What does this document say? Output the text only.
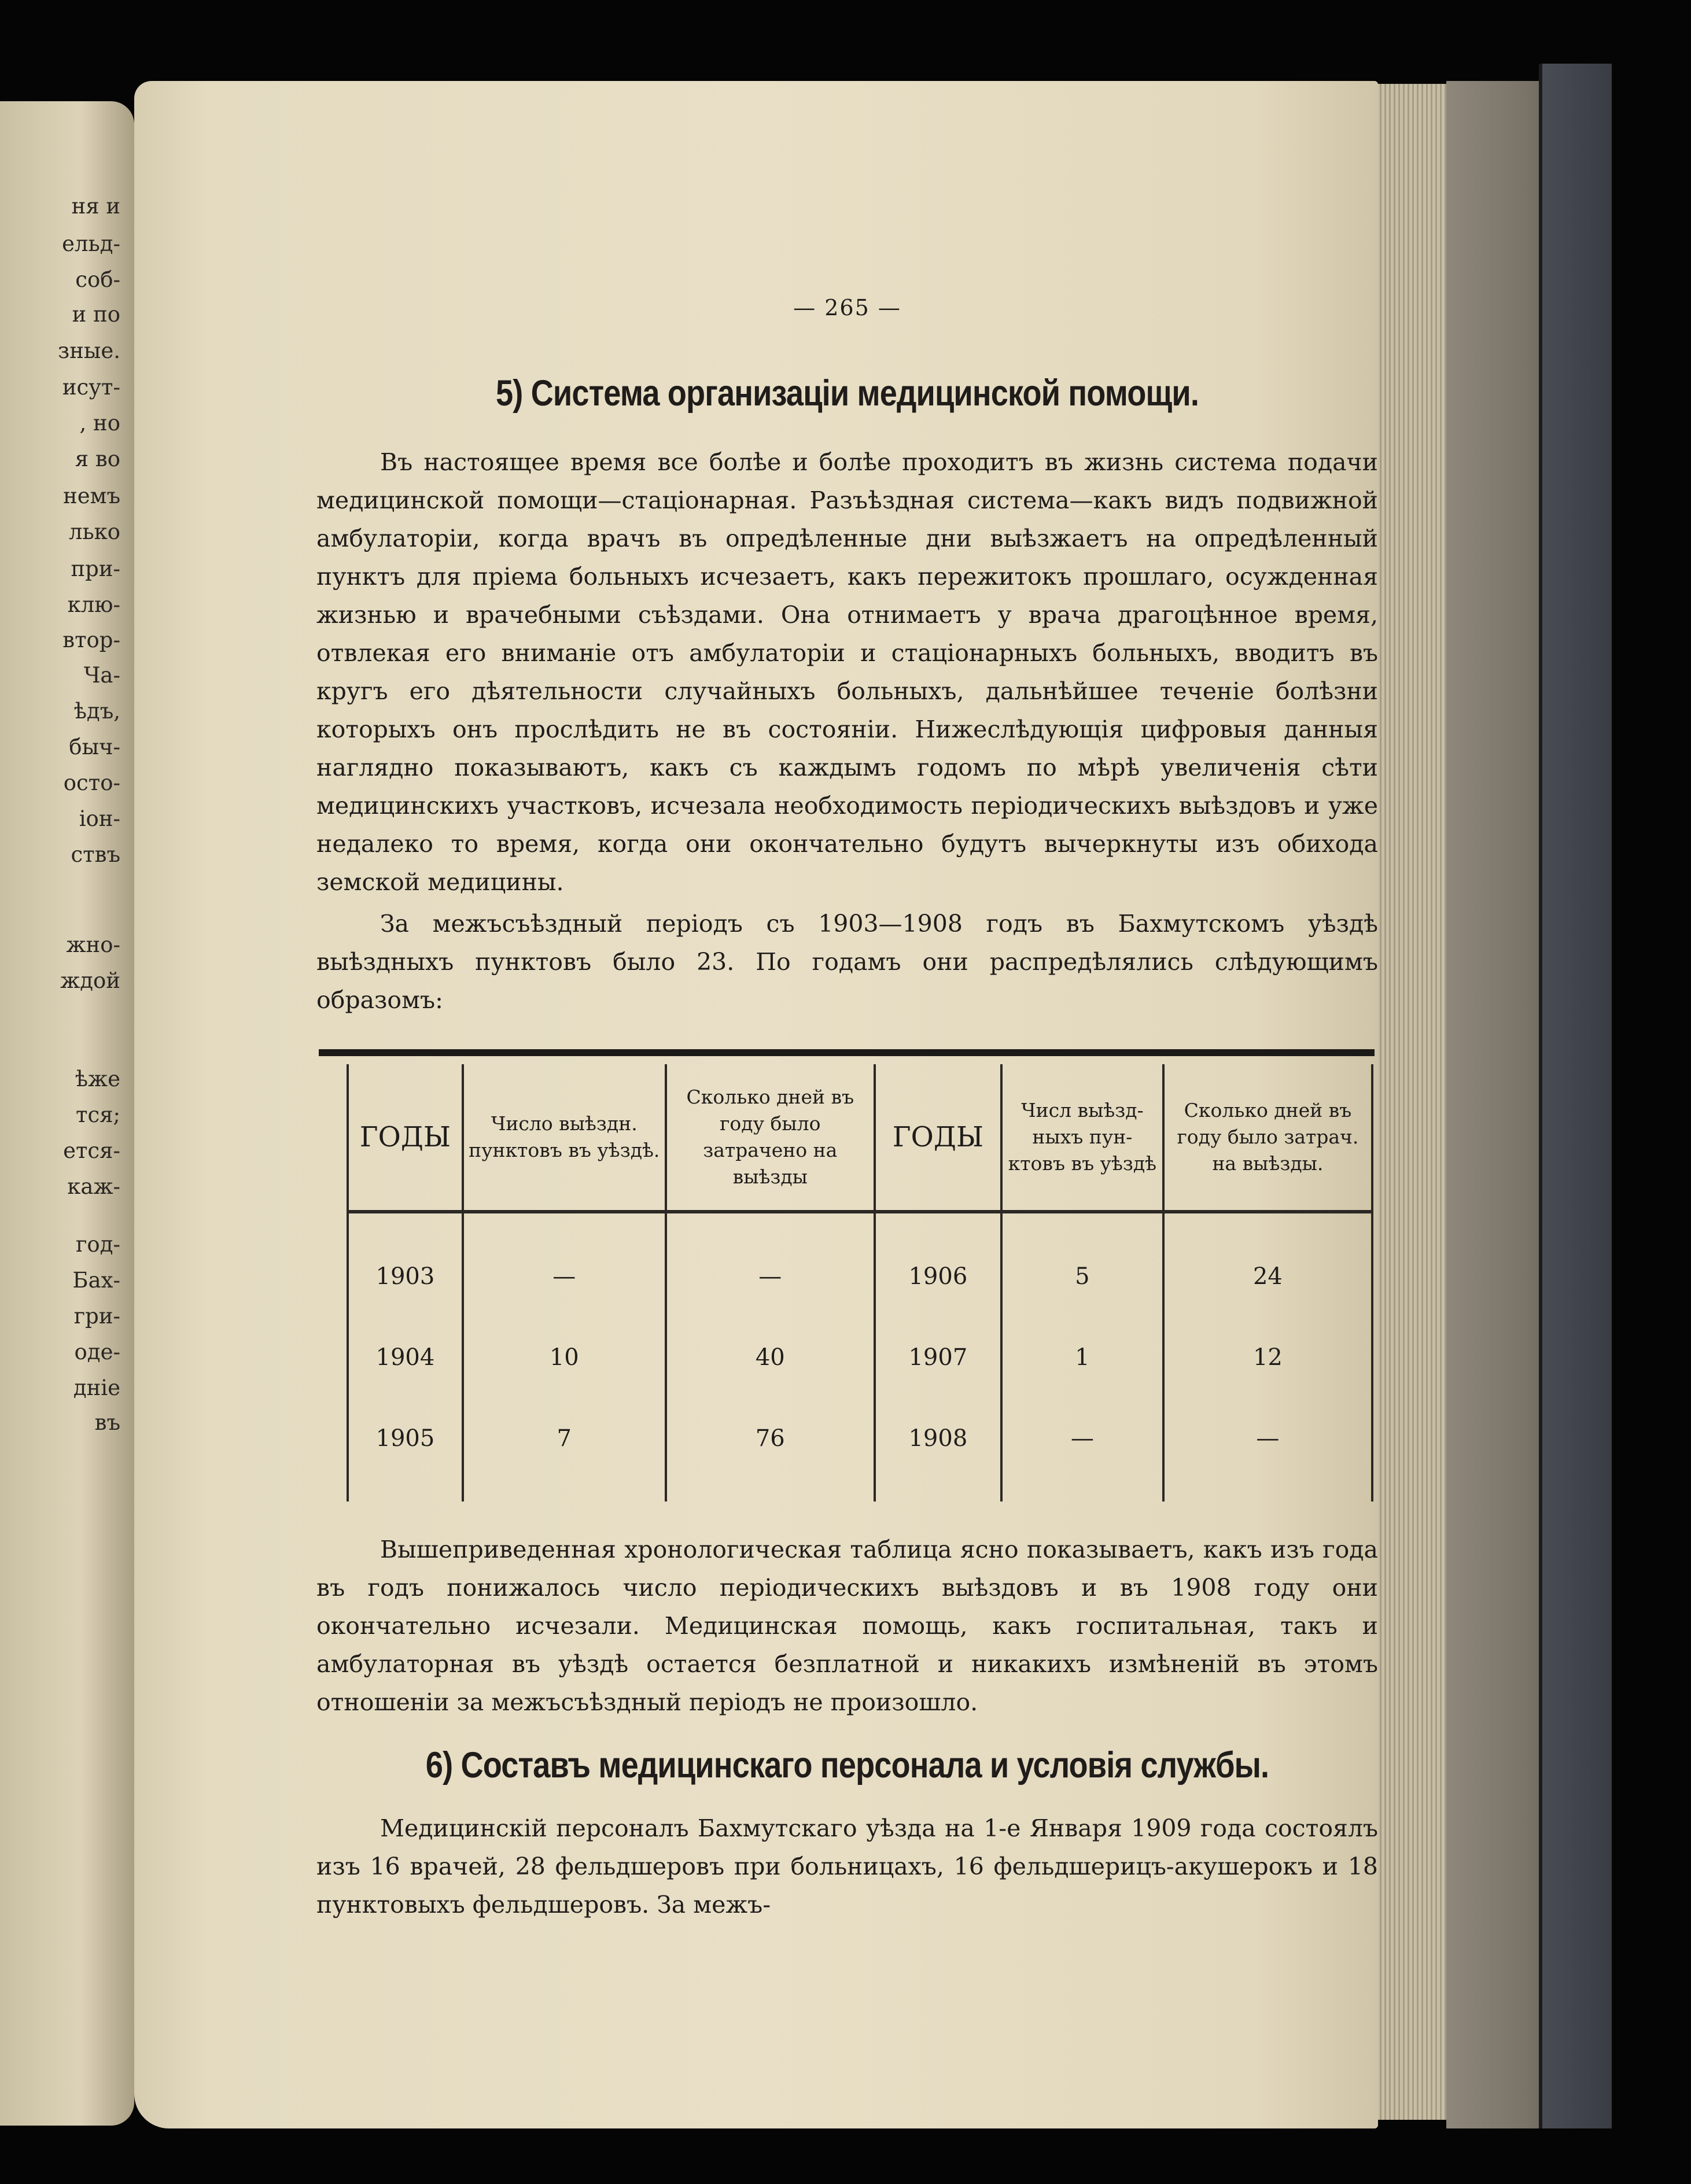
ня и
ельд-
соб-
и по
зные.
исут-
, но
я во
немъ
лько
при-
клю-
втор-
Ча-
ѣдъ,
быч-
осто-
іон-
ствъ
жно-
ждой
ѣже
тся;
ется-
каж-
год-
Бах-
гри-
оде-
дніе
въ

— 265 —

5) Система организаціи медицинской помощи.

Въ настоящее время все болѣе и болѣе проходитъ въ жизнь система подачи медицинской помощи—стаціонарная. Разъѣздная система—какъ видъ подвижной амбулаторіи, когда врачъ въ опредѣленные дни выѣзжаетъ на опредѣленный пунктъ для пріема больныхъ исчезаетъ, какъ пережитокъ прошлаго, осужденная жизнью и врачебными съѣздами. Она отнимаетъ у врача драгоцѣнное время, отвлекая его вниманіе отъ амбулаторіи и стаціонарныхъ больныхъ, вводитъ въ кругъ его дѣятельности случайныхъ больныхъ, дальнѣйшее теченіе болѣзни которыхъ онъ прослѣдить не въ состояніи. Нижеслѣдующія цифровыя данныя наглядно показываютъ, какъ съ каждымъ годомъ по мѣрѣ увеличенія сѣти медицинскихъ участковъ, исчезала необходимость періодическихъ выѣздовъ и уже недалеко то время, когда они окончательно будутъ вычеркнуты изъ обихода земской медицины.

За межъсъѣздный періодъ съ 1903—1908 годъ въ Бахмутскомъ уѣздѣ выѣздныхъ пунктовъ было 23. По годамъ они распредѣлялись слѣдующимъ образомъ:

ГОДЫ	Число выѣздн. пунктовъ въ уѣздѣ.	Сколько дней въ году было затрачено на выѣзды	ГОДЫ	Числ выѣзд-ныхъ пун-ктовъ въ уѣздѣ	Сколько дней въ году было затрач. на выѣзды.
1903	—	—	1906	5	24
1904	10	40	1907	1	12
1905	7	76	1908	—	—

Вышеприведенная хронологическая таблица ясно показываетъ, какъ изъ года въ годъ понижалось число періодическихъ выѣздовъ и въ 1908 году они окончательно исчезали. Медицинская помощь, какъ госпитальная, такъ и амбулаторная въ уѣздѣ остается безплатной и никакихъ измѣненій въ этомъ отношеніи за межъсъѣздный періодъ не произошло.

6) Составъ медицинскаго персонала и условія службы.

Медицинскій персоналъ Бахмутскаго уѣзда на 1-е Января 1909 года состоялъ изъ 16 врачей, 28 фельдшеровъ при больницахъ, 16 фельдшерицъ-акушерокъ и 18 пунктовыхъ фельдшеровъ. За межъ-
